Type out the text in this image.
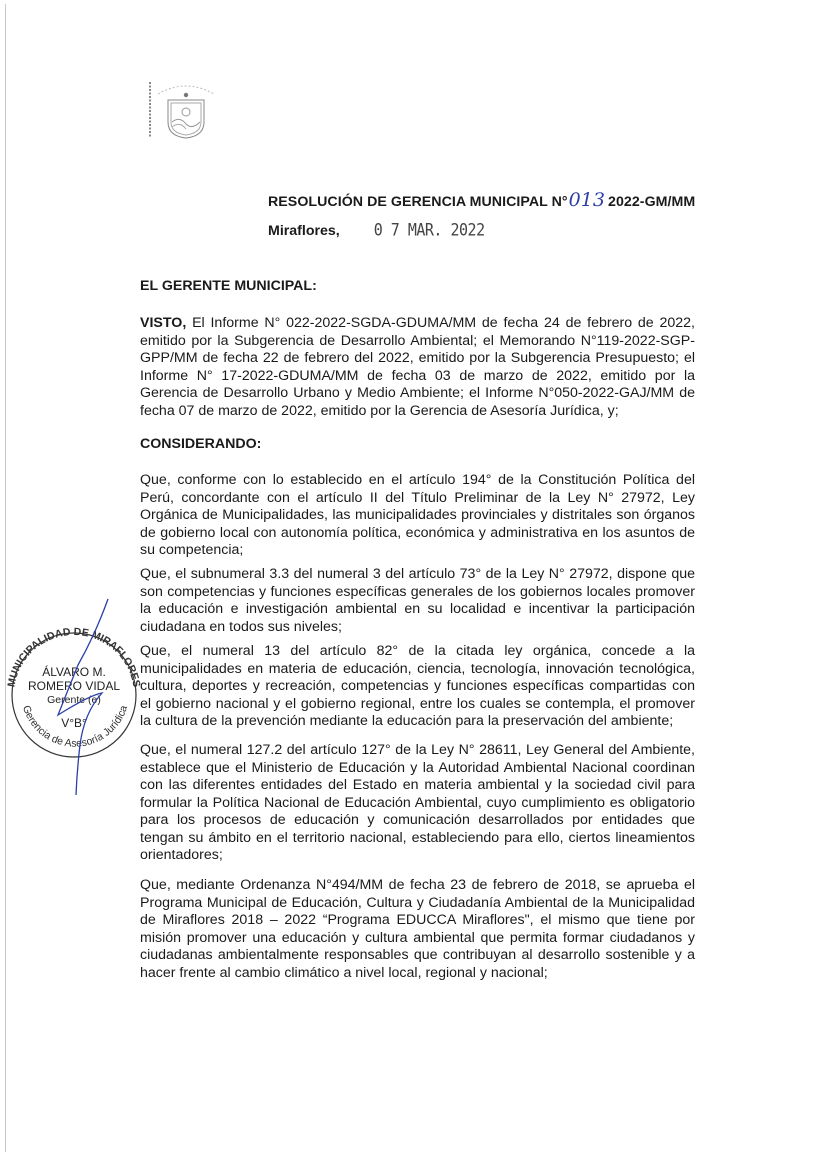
RESOLUCIÓN DE GERENCIA MUNICIPAL N°013 2022-GM/MM
Miraflores, 0 7 MAR. 2022
EL GERENTE MUNICIPAL:
VISTO, El Informe N° 022-2022-SGDA-GDUMA/MM de fecha 24 de febrero de 2022, emitido por la Subgerencia de Desarrollo Ambiental; el Memorando N°119-2022-SGP-GPP/MM de fecha 22 de febrero del 2022, emitido por la Subgerencia Presupuesto; el Informe N° 17-2022-GDUMA/MM de fecha 03 de marzo de 2022, emitido por la Gerencia de Desarrollo Urbano y Medio Ambiente; el Informe N°050-2022-GAJ/MM de fecha 07 de marzo de 2022, emitido por la Gerencia de Asesoría Jurídica, y;
CONSIDERANDO:
Que, conforme con lo establecido en el artículo 194° de la Constitución Política del Perú, concordante con el artículo II del Título Preliminar de la Ley N° 27972, Ley Orgánica de Municipalidades, las municipalidades provinciales y distritales son órganos de gobierno local con autonomía política, económica y administrativa en los asuntos de su competencia;
Que, el subnumeral 3.3 del numeral 3 del artículo 73° de la Ley N° 27972, dispone que son competencias y funciones específicas generales de los gobiernos locales promover la educación e investigación ambiental en su localidad e incentivar la participación ciudadana en todos sus niveles;
Que, el numeral 13 del artículo 82° de la citada ley orgánica, concede a la municipalidades en materia de educación, ciencia, tecnología, innovación tecnológica, cultura, deportes y recreación, competencias y funciones específicas compartidas con el gobierno nacional y el gobierno regional, entre los cuales se contempla, el promover la cultura de la prevención mediante la educación para la preservación del ambiente;
Que, el numeral 127.2 del artículo 127° de la Ley N° 28611, Ley General del Ambiente, establece que el Ministerio de Educación y la Autoridad Ambiental Nacional coordinan con las diferentes entidades del Estado en materia ambiental y la sociedad civil para formular la Política Nacional de Educación Ambiental, cuyo cumplimiento es obligatorio para los procesos de educación y comunicación desarrollados por entidades que tengan su ámbito en el territorio nacional, estableciendo para ello, ciertos lineamientos orientadores;
Que, mediante Ordenanza N°494/MM de fecha 23 de febrero de 2018, se aprueba el Programa Municipal de Educación, Cultura y Ciudadanía Ambiental de la Municipalidad de Miraflores 2018 – 2022 “Programa EDUCCA Miraflores", el mismo que tiene por misión promover una educación y cultura ambiental que permita formar ciudadanos y ciudadanas ambientalmente responsables que contribuyan al desarrollo sostenible y a hacer frente al cambio climático a nivel local, regional y nacional;
MUNICIPALIDAD DE MIRAFLORES
Gerencia de Asesoría Jurídica
ÁLVARO M.
ROMERO VIDAL
Gerente (e)
V°B°
